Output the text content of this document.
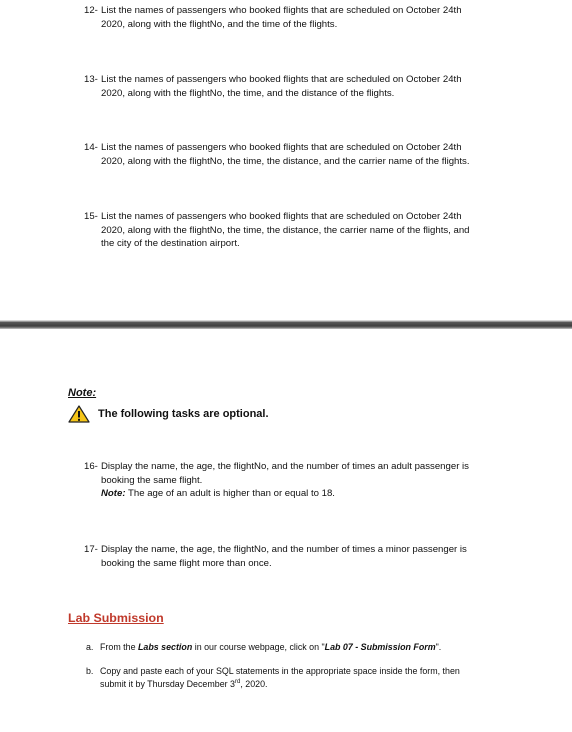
12- List the names of passengers who booked flights that are scheduled on October 24th
2020, along with the flightNo, and the time of the flights.
13- List the names of passengers who booked flights that are scheduled on October 24th
2020, along with the flightNo, the time, and the distance of the flights.
14- List the names of passengers who booked flights that are scheduled on October 24th
2020, along with the flightNo, the time, the distance, and the carrier name of the flights.
15- List the names of passengers who booked flights that are scheduled on October 24th
2020, along with the flightNo, the time, the distance, the carrier name of the flights, and
the city of the destination airport.
Note:
The following tasks are optional.
16- Display the name, the age, the flightNo, and the number of times an adult passenger is
booking the same flight.
Note: The age of an adult is higher than or equal to 18.
17- Display the name, the age, the flightNo, and the number of times a minor passenger is
booking the same flight more than once.
Lab Submission
a. From the Labs section in our course webpage, click on "Lab 07 - Submission Form".
b. Copy and paste each of your SQL statements in the appropriate space inside the form, then
submit it by Thursday December 3rd, 2020.
